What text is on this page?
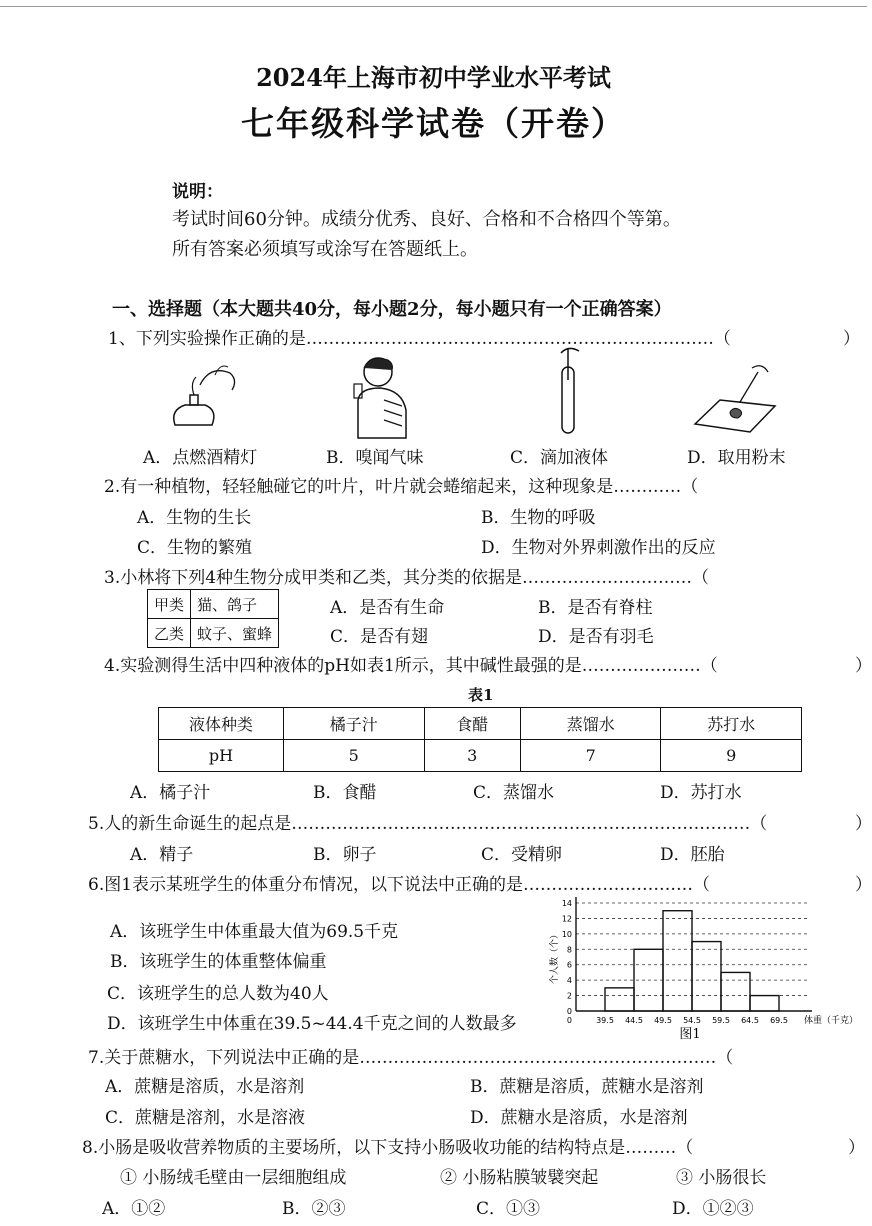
2024年上海市初中学业水平考试
七年级科学试卷（开卷）
说明：
考试时间60分钟。成绩分优秀、良好、合格和不合格四个等第。
所有答案必须填写或涂写在答题纸上。
一、选择题（本大题共40分，每小题2分，每小题只有一个正确答案）
1、下列实验操作正确的是………………………………………………………………（	）
A．点燃酒精灯	B．嗅闻气味	C．滴加液体	D．取用粉末
2.有一种植物，轻轻触碰它的叶片，叶片就会蜷缩起来，这种现象是…………（
A．生物的生长	B．生物的呼吸
C．生物的繁殖	D．生物对外界刺激作出的反应
3.小林将下列4种生物分成甲类和乙类，其分类的依据是…………………………（
甲类	猫、鸽子
乙类	蚊子、蜜蜂
A．是否有生命	B．是否有脊柱
C．是否有翅	D．是否有羽毛
4.实验测得生活中四种液体的pH如表1所示，其中碱性最强的是…………………（	）
表1
液体种类	橘子汁	食醋	蒸馏水	苏打水
pH	5	3	7	9
A．橘子汁	B．食醋	C．蒸馏水	D．苏打水
5.人的新生命诞生的起点是………………………………………………………………………（	）
A．精子	B．卵子	C．受精卵	D．胚胎
6.图1表示某班学生的体重分布情况，以下说法中正确的是…………………………（	）
A．该班学生中体重最大值为69.5千克
B．该班学生的体重整体偏重
C．该班学生的总人数为40人
D．该班学生中体重在39.5~44.4千克之间的人数最多
0
2
4
6
8
10
12
14
39.5 44.5 49.5 54.5 59.5 64.5 69.5
0
个人数（个）
体重（千克）
图1
7.关于蔗糖水，下列说法中正确的是………………………………………………………（
A．蔗糖是溶质，水是溶剂	B．蔗糖是溶质，蔗糖水是溶剂
C．蔗糖是溶剂，水是溶液	D．蔗糖水是溶质，水是溶剂
8.小肠是吸收营养物质的主要场所，以下支持小肠吸收功能的结构特点是………（	）
① 小肠绒毛壁由一层细胞组成	② 小肠粘膜皱襞突起	③ 小肠很长
A．①②	B．②③	C．①③	D．①②③
